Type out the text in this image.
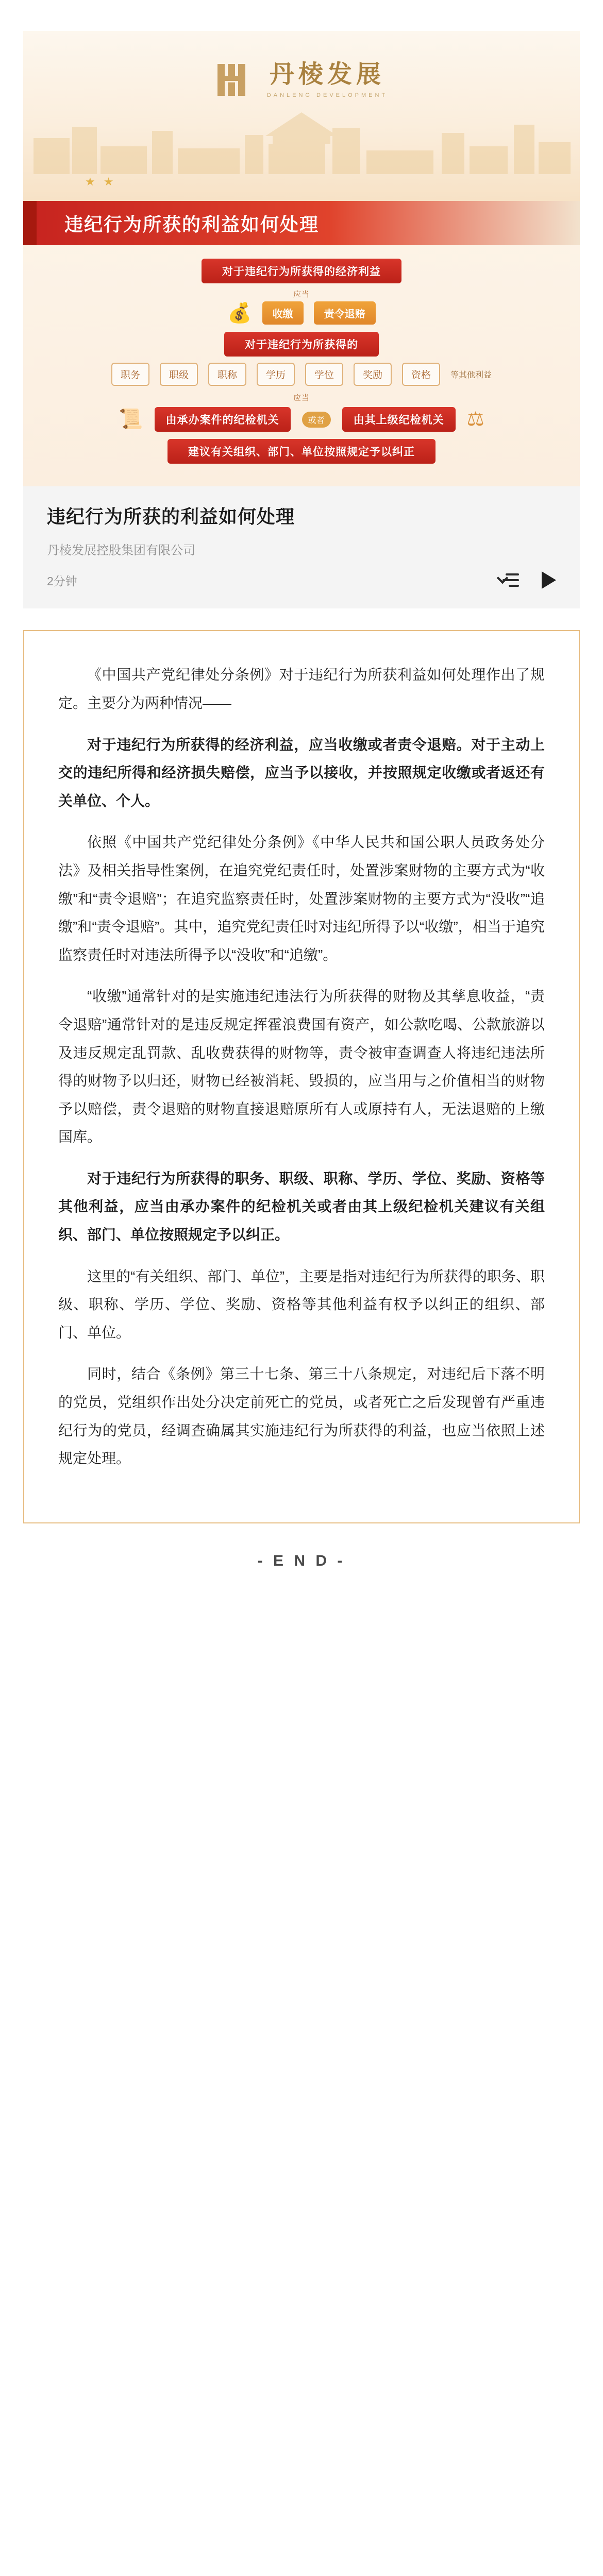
丹棱发展
DANLENG DEVELOPMENT
★ ★
违纪行为所获的利益如何处理
对于违纪行为所获得的经济利益
应当
💰	收缴	责令退赔
对于违纪行为所获得的
职务	职级	职称	学历	学位	奖励	资格	等其他利益
应当
📜	由承办案件的纪检机关	或者	由其上级纪检机关	⚖
建议有关组织、部门、单位按照规定予以纠正
违纪行为所获的利益如何处理
丹棱发展控股集团有限公司
2分钟

《中国共产党纪律处分条例》对于违纪行为所获利益如何处理作出了规定。主要分为两种情况——

对于违纪行为所获得的经济利益，应当收缴或者责令退赔。对于主动上交的违纪所得和经济损失赔偿，应当予以接收，并按照规定收缴或者返还有关单位、个人。

依照《中国共产党纪律处分条例》《中华人民共和国公职人员政务处分法》及相关指导性案例，在追究党纪责任时，处置涉案财物的主要方式为“收缴”和“责令退赔”；在追究监察责任时，处置涉案财物的主要方式为“没收”“追缴”和“责令退赔”。其中，追究党纪责任时对违纪所得予以“收缴”，相当于追究监察责任时对违法所得予以“没收”和“追缴”。

“收缴”通常针对的是实施违纪违法行为所获得的财物及其孳息收益，“责令退赔”通常针对的是违反规定挥霍浪费国有资产，如公款吃喝、公款旅游以及违反规定乱罚款、乱收费获得的财物等，责令被审查调查人将违纪违法所得的财物予以归还，财物已经被消耗、毁损的，应当用与之价值相当的财物予以赔偿，责令退赔的财物直接退赔原所有人或原持有人，无法退赔的上缴国库。

对于违纪行为所获得的职务、职级、职称、学历、学位、奖励、资格等其他利益，应当由承办案件的纪检机关或者由其上级纪检机关建议有关组织、部门、单位按照规定予以纠正。

这里的“有关组织、部门、单位”，主要是指对违纪行为所获得的职务、职级、职称、学历、学位、奖励、资格等其他利益有权予以纠正的组织、部门、单位。

同时，结合《条例》第三十七条、第三十八条规定，对违纪后下落不明的党员，党组织作出处分决定前死亡的党员，或者死亡之后发现曾有严重违纪行为的党员，经调查确属其实施违纪行为所获得的利益，也应当依照上述规定处理。

- E N D -
